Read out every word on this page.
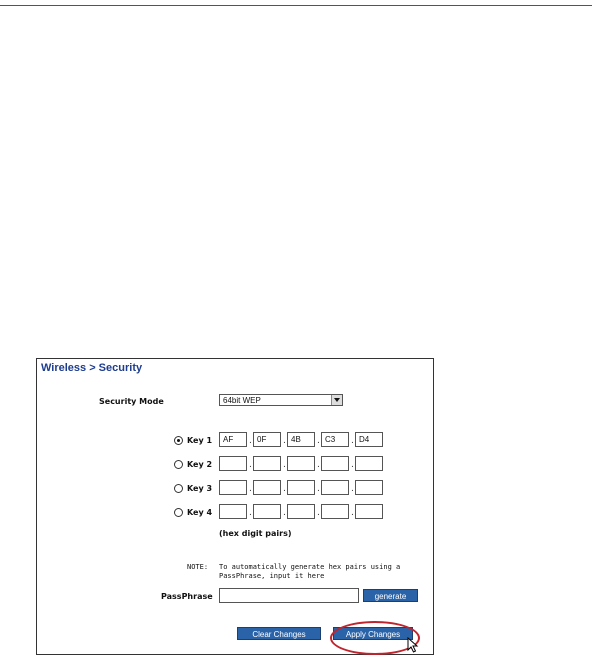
Wireless > Security
Security Mode	64bit WEP
Key 1	AF	. 0F	. 4B	. C3	. D4
Key 2	.	.	.	.
Key 3	.	.	.	.
Key 4	.	.	.	.
(hex digit pairs)
NOTE: To automatically generate hex pairs using a PassPhrase, input it here
PassPhrase	generate
Clear Changes	Apply Changes
